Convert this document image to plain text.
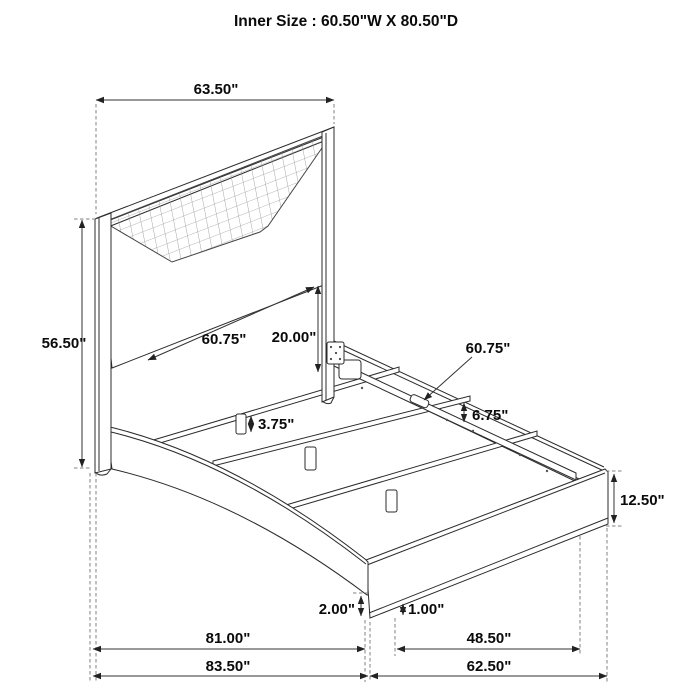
Inner Size : 60.50"W X 80.50"D
63.50"
56.50"	60.75" 20.00"
3.75"
60.75"
6.75"
12.50"
2.00"	1.00"
81.00"	48.50"
83.50"	62.50"
